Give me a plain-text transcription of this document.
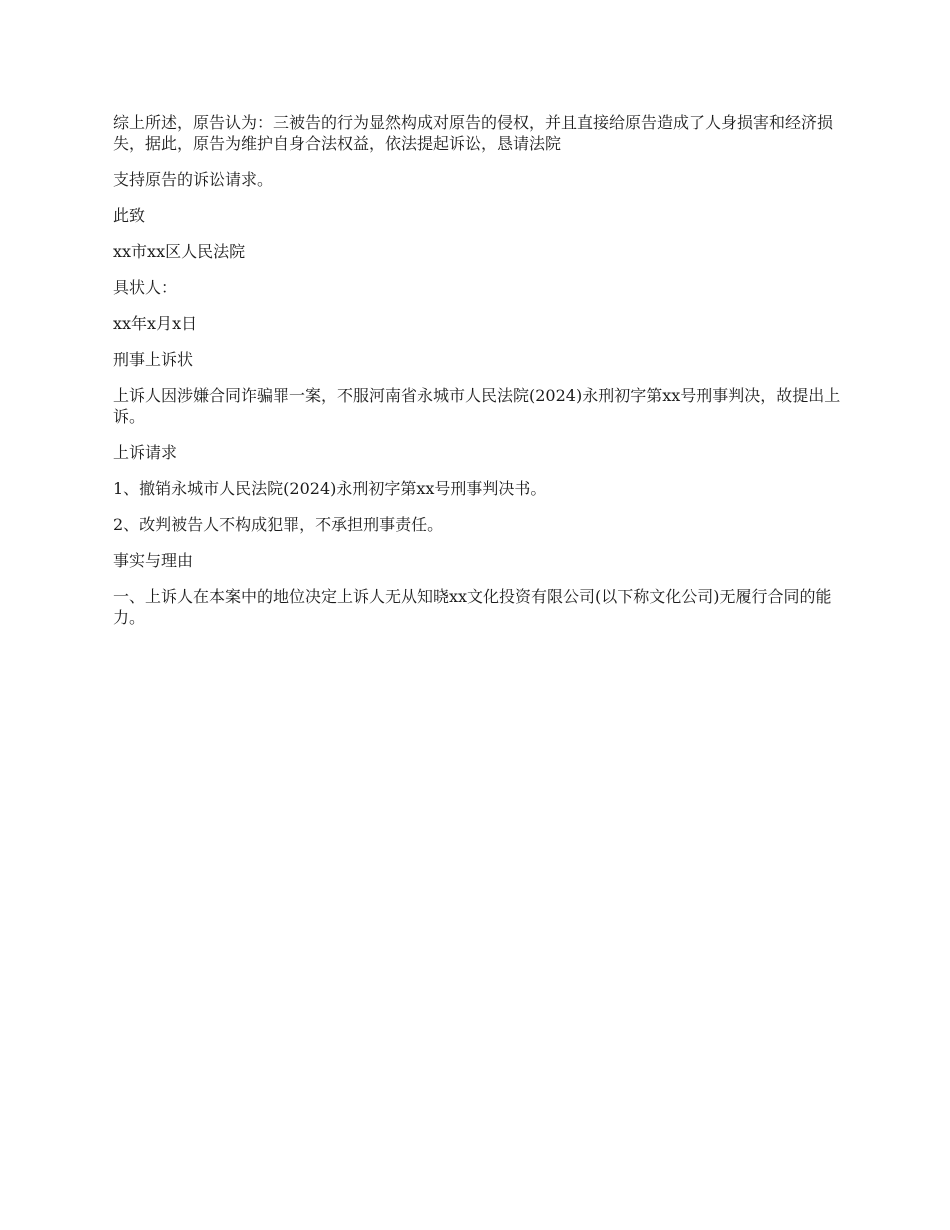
综上所述，原告认为：三被告的行为显然构成对原告的侵权，并且直接给原告造成了人身损害和经济损失，据此，原告为维护自身合法权益，依法提起诉讼，恳请法院

支持原告的诉讼请求。

此致

xx市xx区人民法院

具状人：

xx年x月x日

刑事上诉状

上诉人因涉嫌合同诈骗罪一案，不服河南省永城市人民法院(2024)永刑初字第xx号刑事判决，故提出上诉。

上诉请求

1、撤销永城市人民法院(2024)永刑初字第xx号刑事判决书。

2、改判被告人不构成犯罪，不承担刑事责任。

事实与理由

一、上诉人在本案中的地位决定上诉人无从知晓xx文化投资有限公司(以下称文化公司)无履行合同的能力。
